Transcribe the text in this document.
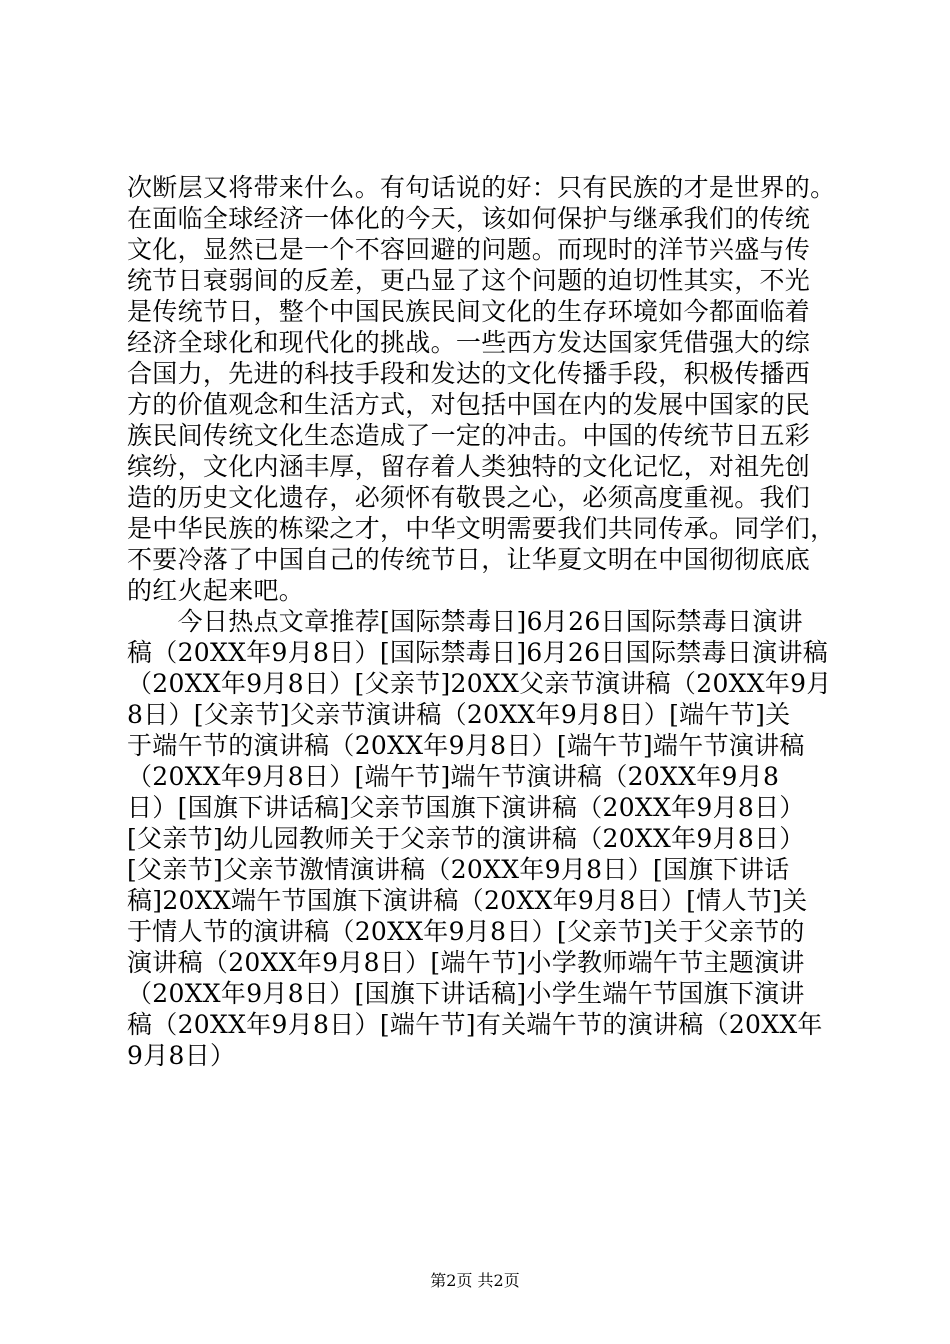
次断层又将带来什么。有句话说的好：只有民族的才是世界的。
在面临全球经济一体化的今天，该如何保护与继承我们的传统
文化，显然已是一个不容回避的问题。而现时的洋节兴盛与传
统节日衰弱间的反差，更凸显了这个问题的迫切性其实，不光
是传统节日，整个中国民族民间文化的生存环境如今都面临着
经济全球化和现代化的挑战。一些西方发达国家凭借强大的综
合国力，先进的科技手段和发达的文化传播手段，积极传播西
方的价值观念和生活方式，对包括中国在内的发展中国家的民
族民间传统文化生态造成了一定的冲击。中国的传统节日五彩
缤纷，文化内涵丰厚，留存着人类独特的文化记忆，对祖先创
造的历史文化遗存，必须怀有敬畏之心，必须高度重视。我们
是中华民族的栋梁之才，中华文明需要我们共同传承。同学们，
不要冷落了中国自己的传统节日，让华夏文明在中国彻彻底底
的红火起来吧。
　　今日热点文章推荐[国际禁毒日]6月26日国际禁毒日演讲
稿（20XX年9月8日）[国际禁毒日]6月26日国际禁毒日演讲稿
（20XX年9月8日）[父亲节]20XX父亲节演讲稿（20XX年9月
8日）[父亲节]父亲节演讲稿（20XX年9月8日）[端午节]关
于端午节的演讲稿（20XX年9月8日）[端午节]端午节演讲稿
（20XX年9月8日）[端午节]端午节演讲稿（20XX年9月8
日）[国旗下讲话稿]父亲节国旗下演讲稿（20XX年9月8日）
[父亲节]幼儿园教师关于父亲节的演讲稿（20XX年9月8日）
[父亲节]父亲节激情演讲稿（20XX年9月8日）[国旗下讲话
稿]20XX端午节国旗下演讲稿（20XX年9月8日）[情人节]关
于情人节的演讲稿（20XX年9月8日）[父亲节]关于父亲节的
演讲稿（20XX年9月8日）[端午节]小学教师端午节主题演讲
（20XX年9月8日）[国旗下讲话稿]小学生端午节国旗下演讲
稿（20XX年9月8日）[端午节]有关端午节的演讲稿（20XX年
9月8日）
第2页 共2页
